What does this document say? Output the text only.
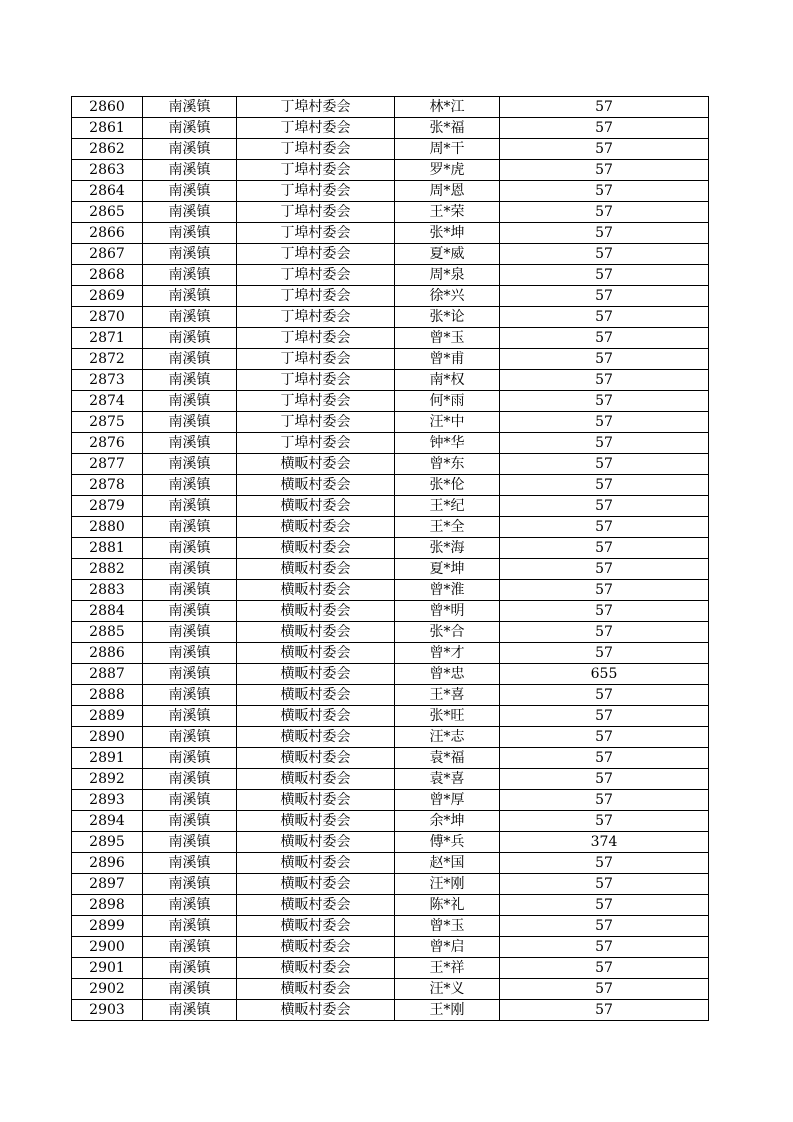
2860	南溪镇	丁埠村委会	林*江	57
2861	南溪镇	丁埠村委会	张*福	57
2862	南溪镇	丁埠村委会	周*干	57
2863	南溪镇	丁埠村委会	罗*虎	57
2864	南溪镇	丁埠村委会	周*恩	57
2865	南溪镇	丁埠村委会	王*荣	57
2866	南溪镇	丁埠村委会	张*坤	57
2867	南溪镇	丁埠村委会	夏*威	57
2868	南溪镇	丁埠村委会	周*泉	57
2869	南溪镇	丁埠村委会	徐*兴	57
2870	南溪镇	丁埠村委会	张*论	57
2871	南溪镇	丁埠村委会	曾*玉	57
2872	南溪镇	丁埠村委会	曾*甫	57
2873	南溪镇	丁埠村委会	南*权	57
2874	南溪镇	丁埠村委会	何*雨	57
2875	南溪镇	丁埠村委会	汪*中	57
2876	南溪镇	丁埠村委会	钟*华	57
2877	南溪镇	横畈村委会	曾*东	57
2878	南溪镇	横畈村委会	张*伦	57
2879	南溪镇	横畈村委会	王*纪	57
2880	南溪镇	横畈村委会	王*全	57
2881	南溪镇	横畈村委会	张*海	57
2882	南溪镇	横畈村委会	夏*坤	57
2883	南溪镇	横畈村委会	曾*淮	57
2884	南溪镇	横畈村委会	曾*明	57
2885	南溪镇	横畈村委会	张*合	57
2886	南溪镇	横畈村委会	曾*才	57
2887	南溪镇	横畈村委会	曾*忠	655
2888	南溪镇	横畈村委会	王*喜	57
2889	南溪镇	横畈村委会	张*旺	57
2890	南溪镇	横畈村委会	汪*志	57
2891	南溪镇	横畈村委会	袁*福	57
2892	南溪镇	横畈村委会	袁*喜	57
2893	南溪镇	横畈村委会	曾*厚	57
2894	南溪镇	横畈村委会	余*坤	57
2895	南溪镇	横畈村委会	傅*兵	374
2896	南溪镇	横畈村委会	赵*国	57
2897	南溪镇	横畈村委会	汪*刚	57
2898	南溪镇	横畈村委会	陈*礼	57
2899	南溪镇	横畈村委会	曾*玉	57
2900	南溪镇	横畈村委会	曾*启	57
2901	南溪镇	横畈村委会	王*祥	57
2902	南溪镇	横畈村委会	汪*义	57
2903	南溪镇	横畈村委会	王*刚	57
